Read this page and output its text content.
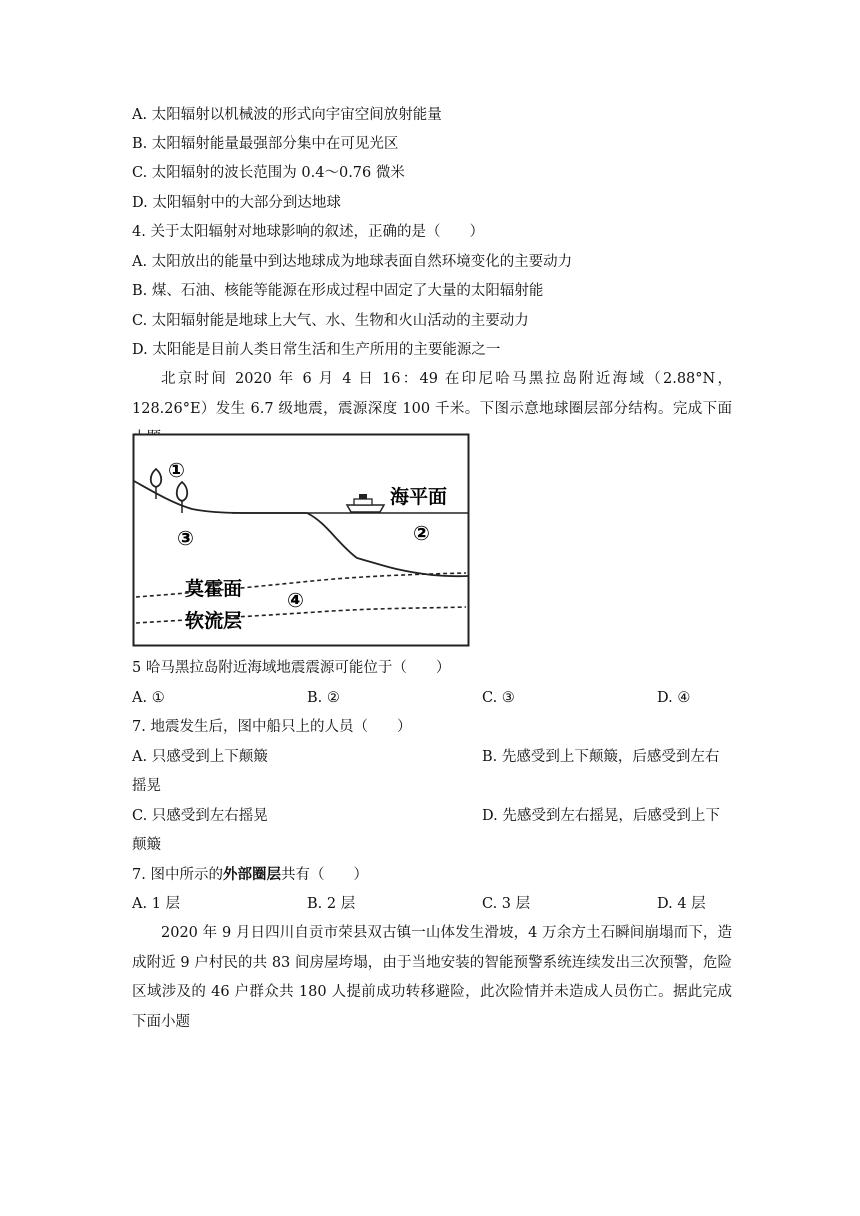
A. 太阳辐射以机械波的形式向宇宙空间放射能量
B. 太阳辐射能量最强部分集中在可见光区
C. 太阳辐射的波长范围为 0.4～0.76 微米
D. 太阳辐射中的大部分到达地球
4. 关于太阳辐射对地球影响的叙述，正确的是（　　）
A. 太阳放出的能量中到达地球成为地球表面自然环境变化的主要动力
B. 煤、石油、核能等能源在形成过程中固定了大量的太阳辐射能
C. 太阳辐射能是地球上大气、水、生物和火山活动的主要动力
D. 太阳能是目前人类日常生活和生产所用的主要能源之一
北京时间 2020 年 6 月 4 日 16：49 在印尼哈马黑拉岛附近海域（2.88°N，128.26°E）发生 6.7 级地震，震源深度 100 千米。下图示意地球圈层部分结构。完成下面
①
③	②
④
海平面
莫霍面
软流层
5 哈马黑拉岛附近海域地震震源可能位于（　　）
A. ①	B. ②	C. ③	D. ④
7. 地震发生后，图中船只上的人员（　　）
A. 只感受到上下颠簸	B. 先感受到上下颠簸，后感受到左右
摇晃
C. 只感受到左右摇晃	D. 先感受到左右摇晃，后感受到上下
颠簸
7. 图中所示的外部圈层共有（　　）
A. 1 层	B. 2 层	C. 3 层	D. 4 层
2020 年 9 月日四川自贡市荣县双古镇一山体发生滑坡，4 万余方土石瞬间崩塌而下，造成附近 9 户村民的共 83 间房屋垮塌，由于当地安装的智能预警系统连续发出三次预警，危险区域涉及的 46 户群众共 180 人提前成功转移避险，此次险情并未造成人员伤亡。据此完成下面小题
